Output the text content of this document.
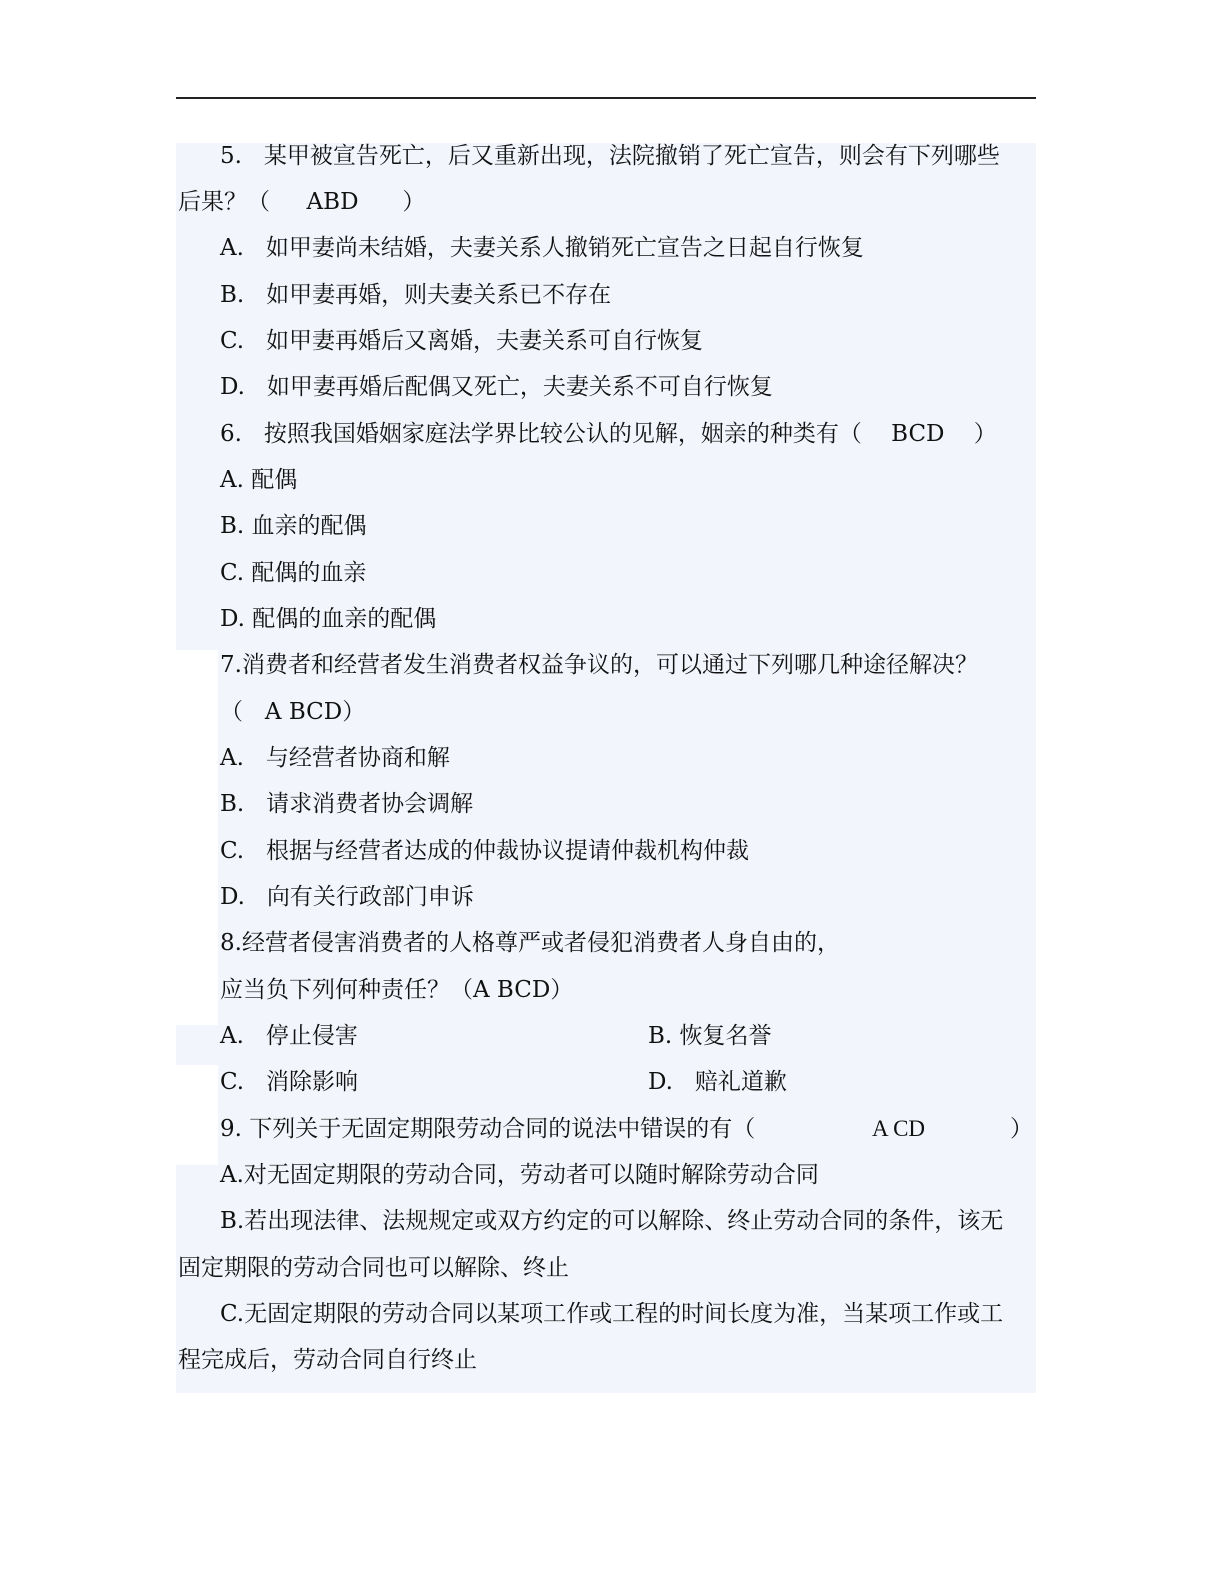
5.   某甲被宣告死亡，后又重新出现，法院撤销了死亡宣告，则会有下列哪些
后果？（     ABD      ）
A.   如甲妻尚未结婚，夫妻关系人撤销死亡宣告之日起自行恢复
B.   如甲妻再婚，则夫妻关系已不存在
C.   如甲妻再婚后又离婚，夫妻关系可自行恢复
D.   如甲妻再婚后配偶又死亡，夫妻关系不可自行恢复
6.   按照我国婚姻家庭法学界比较公认的见解，姻亲的种类有（    BCD    ）
A. 配偶
B. 血亲的配偶
C. 配偶的血亲
D. 配偶的血亲的配偶
7.消费者和经营者发生消费者权益争议的，可以通过下列哪几种途径解决？
（   A BCD）
A.   与经营者协商和解
B.   请求消费者协会调解
C.   根据与经营者达成的仲裁协议提请仲裁机构仲裁
D.   向有关行政部门申诉
8.经营者侵害消费者的人格尊严或者侵犯消费者人身自由的，
应当负下列何种责任？（A BCD）
A.   停止侵害	B. 恢复名誉
C.   消除影响	D.   赔礼道歉
9. 下列关于无固定期限劳动合同的说法中错误的有（	A CD	）
A.对无固定期限的劳动合同，劳动者可以随时解除劳动合同
B.若出现法律、法规规定或双方约定的可以解除、终止劳动合同的条件，该无
固定期限的劳动合同也可以解除、终止
C.无固定期限的劳动合同以某项工作或工程的时间长度为准，当某项工作或工
程完成后，劳动合同自行终止
